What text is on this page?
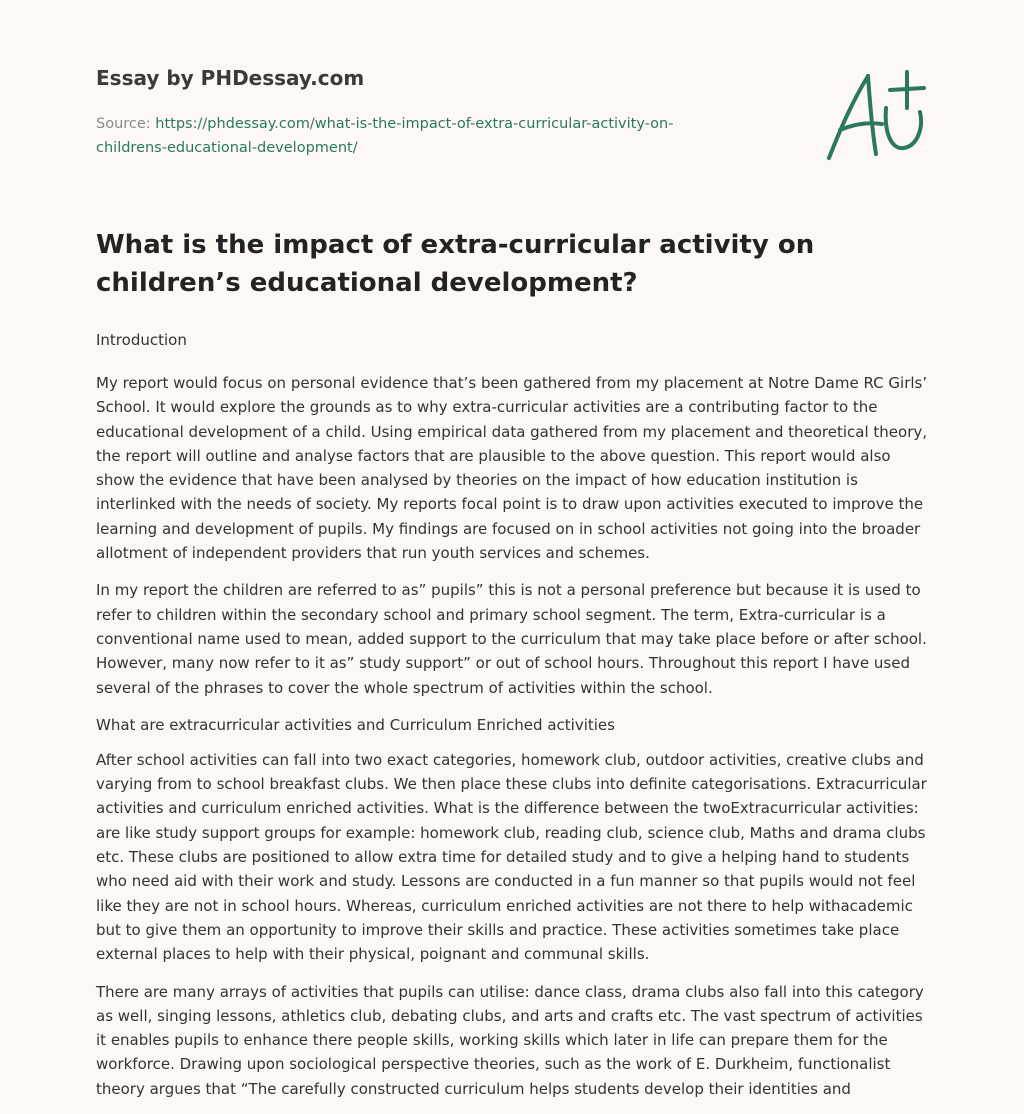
Essay by PHDessay.com

Source: https://phdessay.com/what-is-the-impact-of-extra-curricular-activity-on-
childrens-educational-development/
What is the impact of extra-curricular activity on children’s educational development?

Introduction

My report would focus on personal evidence that’s been gathered from my placement at Notre Dame RC Girls’ School. It would explore the grounds as to why extra-curricular activities are a contributing factor to the educational development of a child. Using empirical data gathered from my placement and theoretical theory, the report will outline and analyse factors that are plausible to the above question. This report would also show the evidence that have been analysed by theories on the impact of how education institution is interlinked with the needs of society. My reports focal point is to draw upon activities executed to improve the learning and development of pupils. My findings are focused on in school activities not going into the broader allotment of independent providers that run youth services and schemes.

In my report the children are referred to as” pupils” this is not a personal preference but because it is used to refer to children within the secondary school and primary school segment. The term, Extra-curricular is a conventional name used to mean, added support to the curriculum that may take place before or after school. However, many now refer to it as” study support” or out of school hours. Throughout this report I have used several of the phrases to cover the whole spectrum of activities within the school.

What are extracurricular activities and Curriculum Enriched activities

After school activities can fall into two exact categories, homework club, outdoor activities, creative clubs and varying from to school breakfast clubs. We then place these clubs into definite categorisations. Extracurricular activities and curriculum enriched activities. What is the difference between the twoExtracurricular activities: are like study support groups for example: homework club, reading club, science club, Maths and drama clubs etc. These clubs are positioned to allow extra time for detailed study and to give a helping hand to students who need aid with their work and study. Lessons are conducted in a fun manner so that pupils would not feel like they are not in school hours. Whereas, curriculum enriched activities are not there to help withacademic but to give them an opportunity to improve their skills and practice. These activities sometimes take place external places to help with their physical, poignant and communal skills.

There are many arrays of activities that pupils can utilise: dance class, drama clubs also fall into this category as well, singing lessons, athletics club, debating clubs, and arts and crafts etc. The vast spectrum of activities it enables pupils to enhance there people skills, working skills which later in life can prepare them for the workforce. Drawing upon sociological perspective theories, such as the work of E. Durkheim, functionalist theory argues that “The carefully constructed curriculum helps students develop their identities and
